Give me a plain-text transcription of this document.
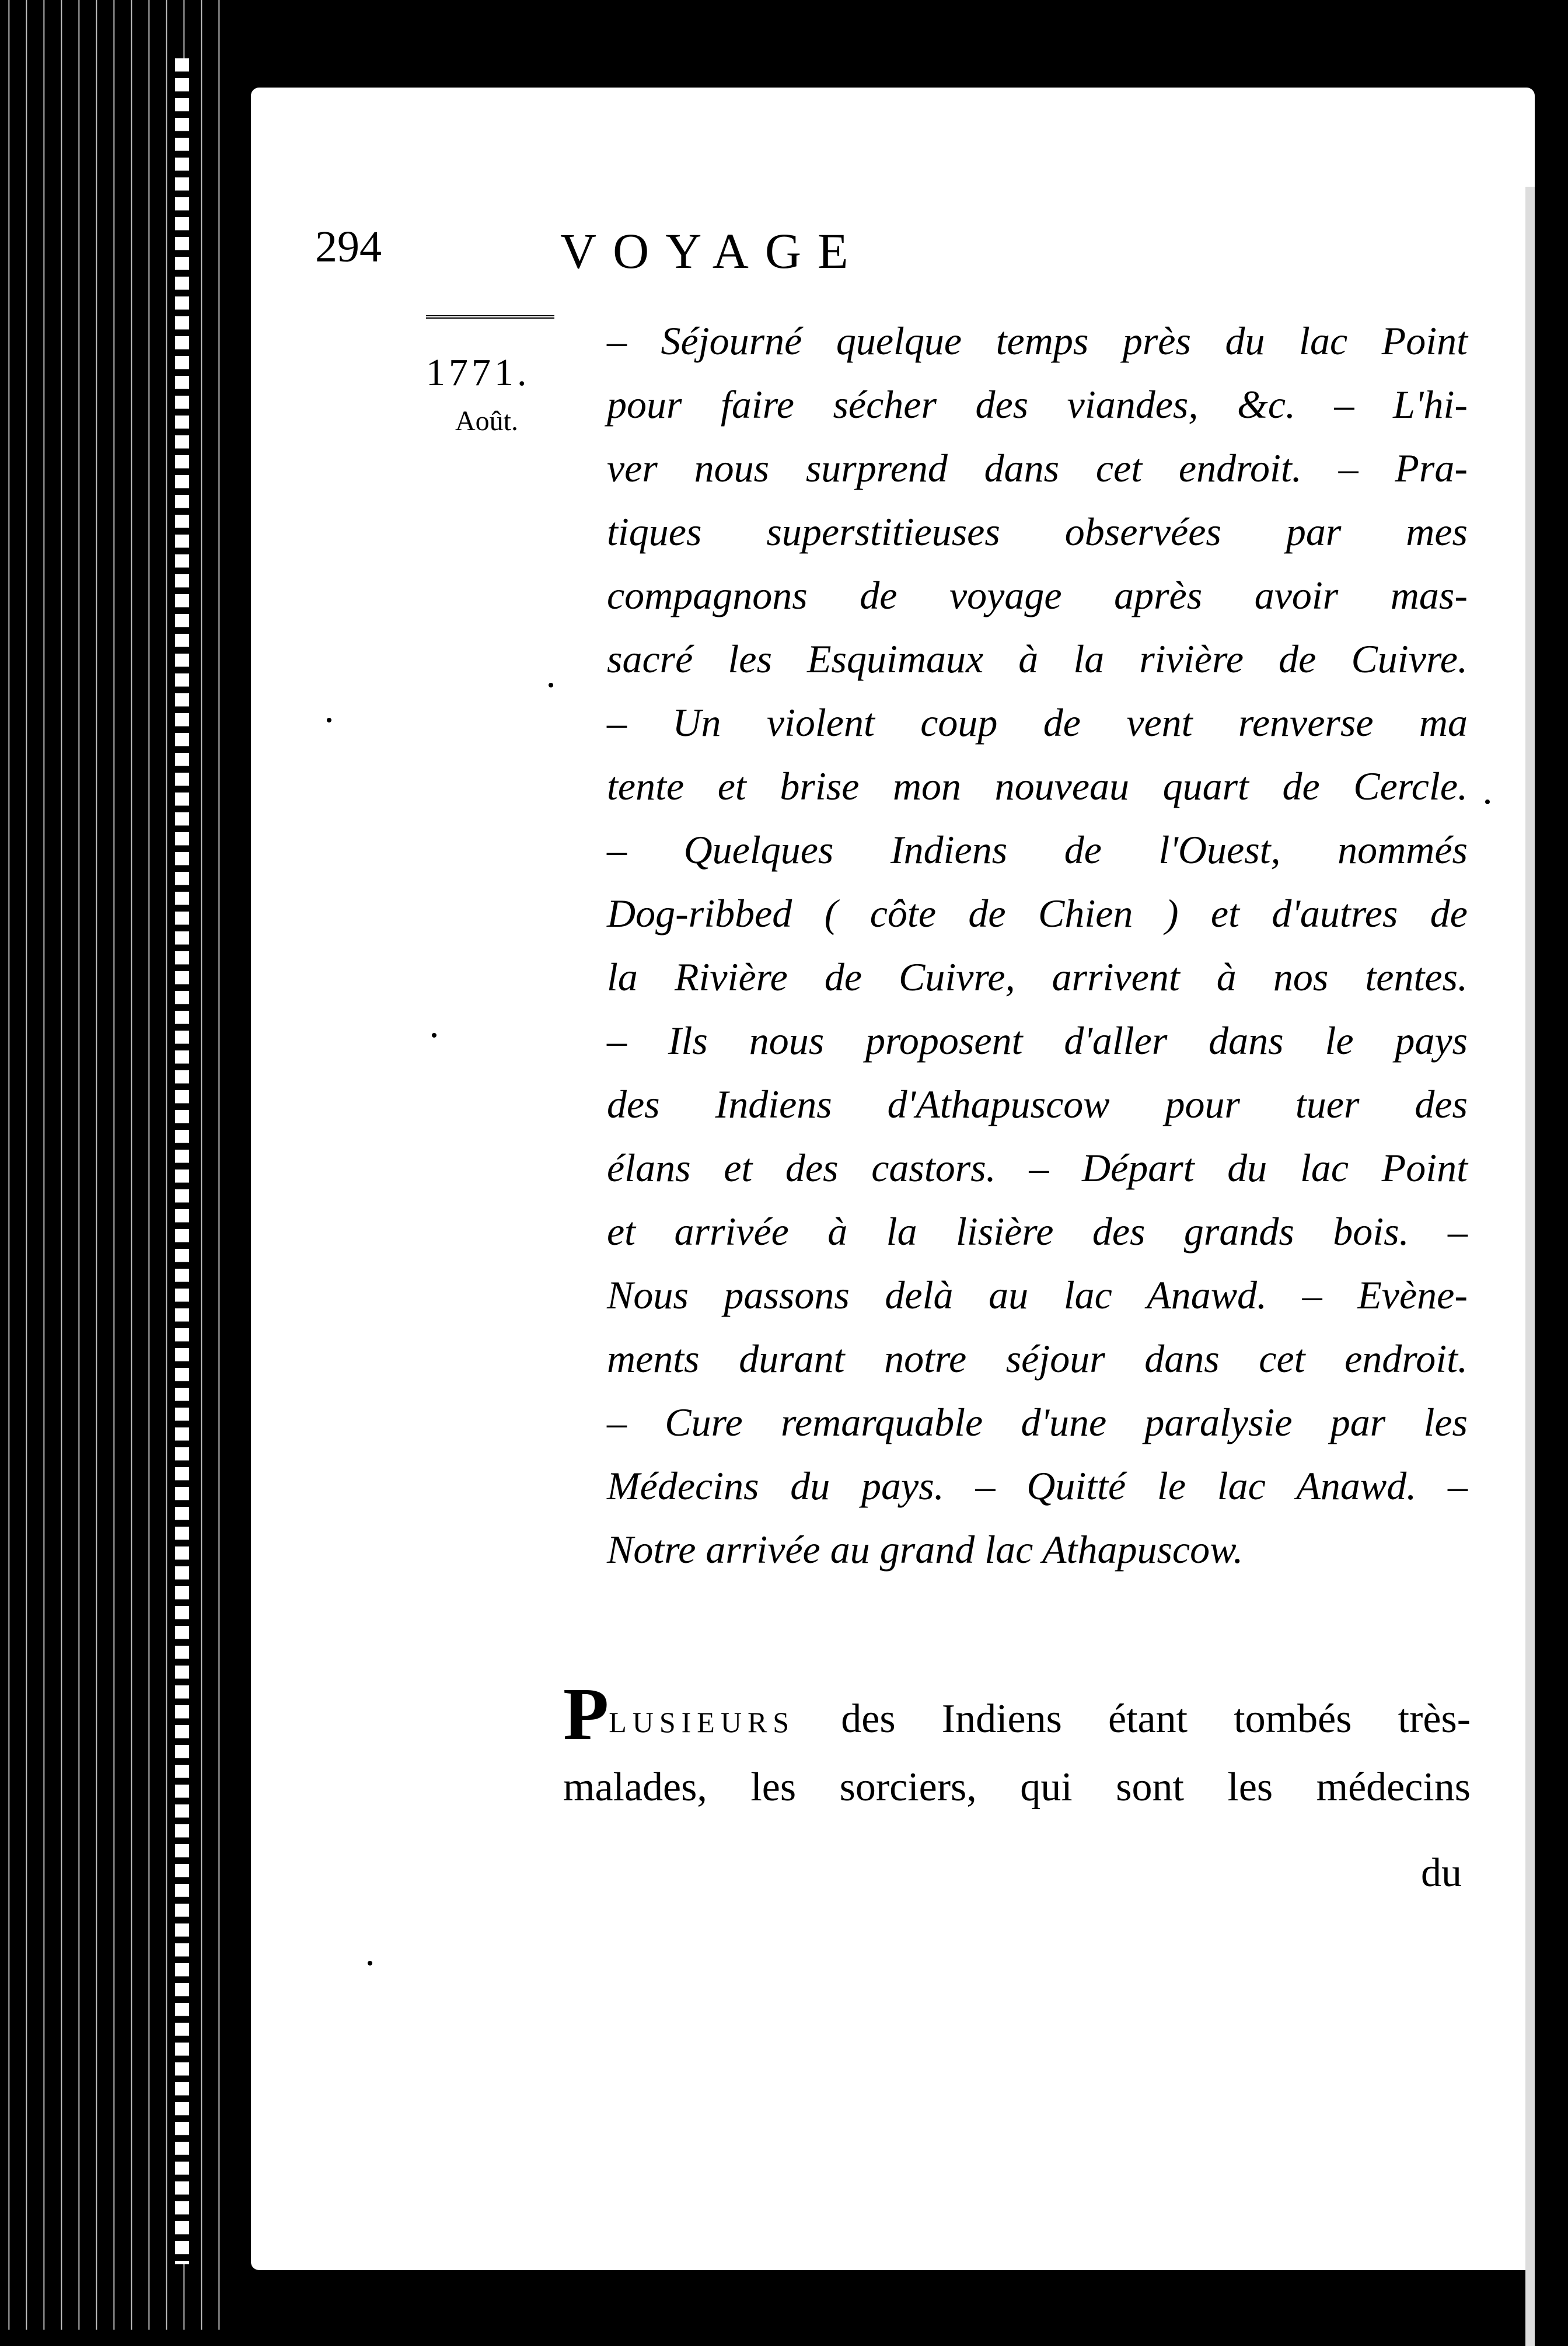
294	VOYAGE
1771.
Août.
– Séjourné quelque temps près du lac Point
pour faire sécher des viandes, &c. – L'hi-
ver nous surprend dans cet endroit. – Pra-
tiques superstitieuses observées par mes
compagnons de voyage après avoir mas-
sacré les Esquimaux à la rivière de Cuivre.
– Un violent coup de vent renverse ma
tente et brise mon nouveau quart de Cercle.
– Quelques Indiens de l'Ouest, nommés
Dog-ribbed ( côte de Chien ) et d'autres de
la Rivière de Cuivre, arrivent à nos tentes.
– Ils nous proposent d'aller dans le pays
des Indiens d'Athapuscow pour tuer des
élans et des castors. – Départ du lac Point
et arrivée à la lisière des grands bois. –
Nous passons delà au lac Anawd. – Evène-
ments durant notre séjour dans cet endroit.
– Cure remarquable d'une paralysie par les
Médecins du pays. – Quitté le lac Anawd. –
Notre arrivée au grand lac Athapuscow.
PLUSIEURS des Indiens étant tombés très-
malades, les sorciers, qui sont les médecins
du
